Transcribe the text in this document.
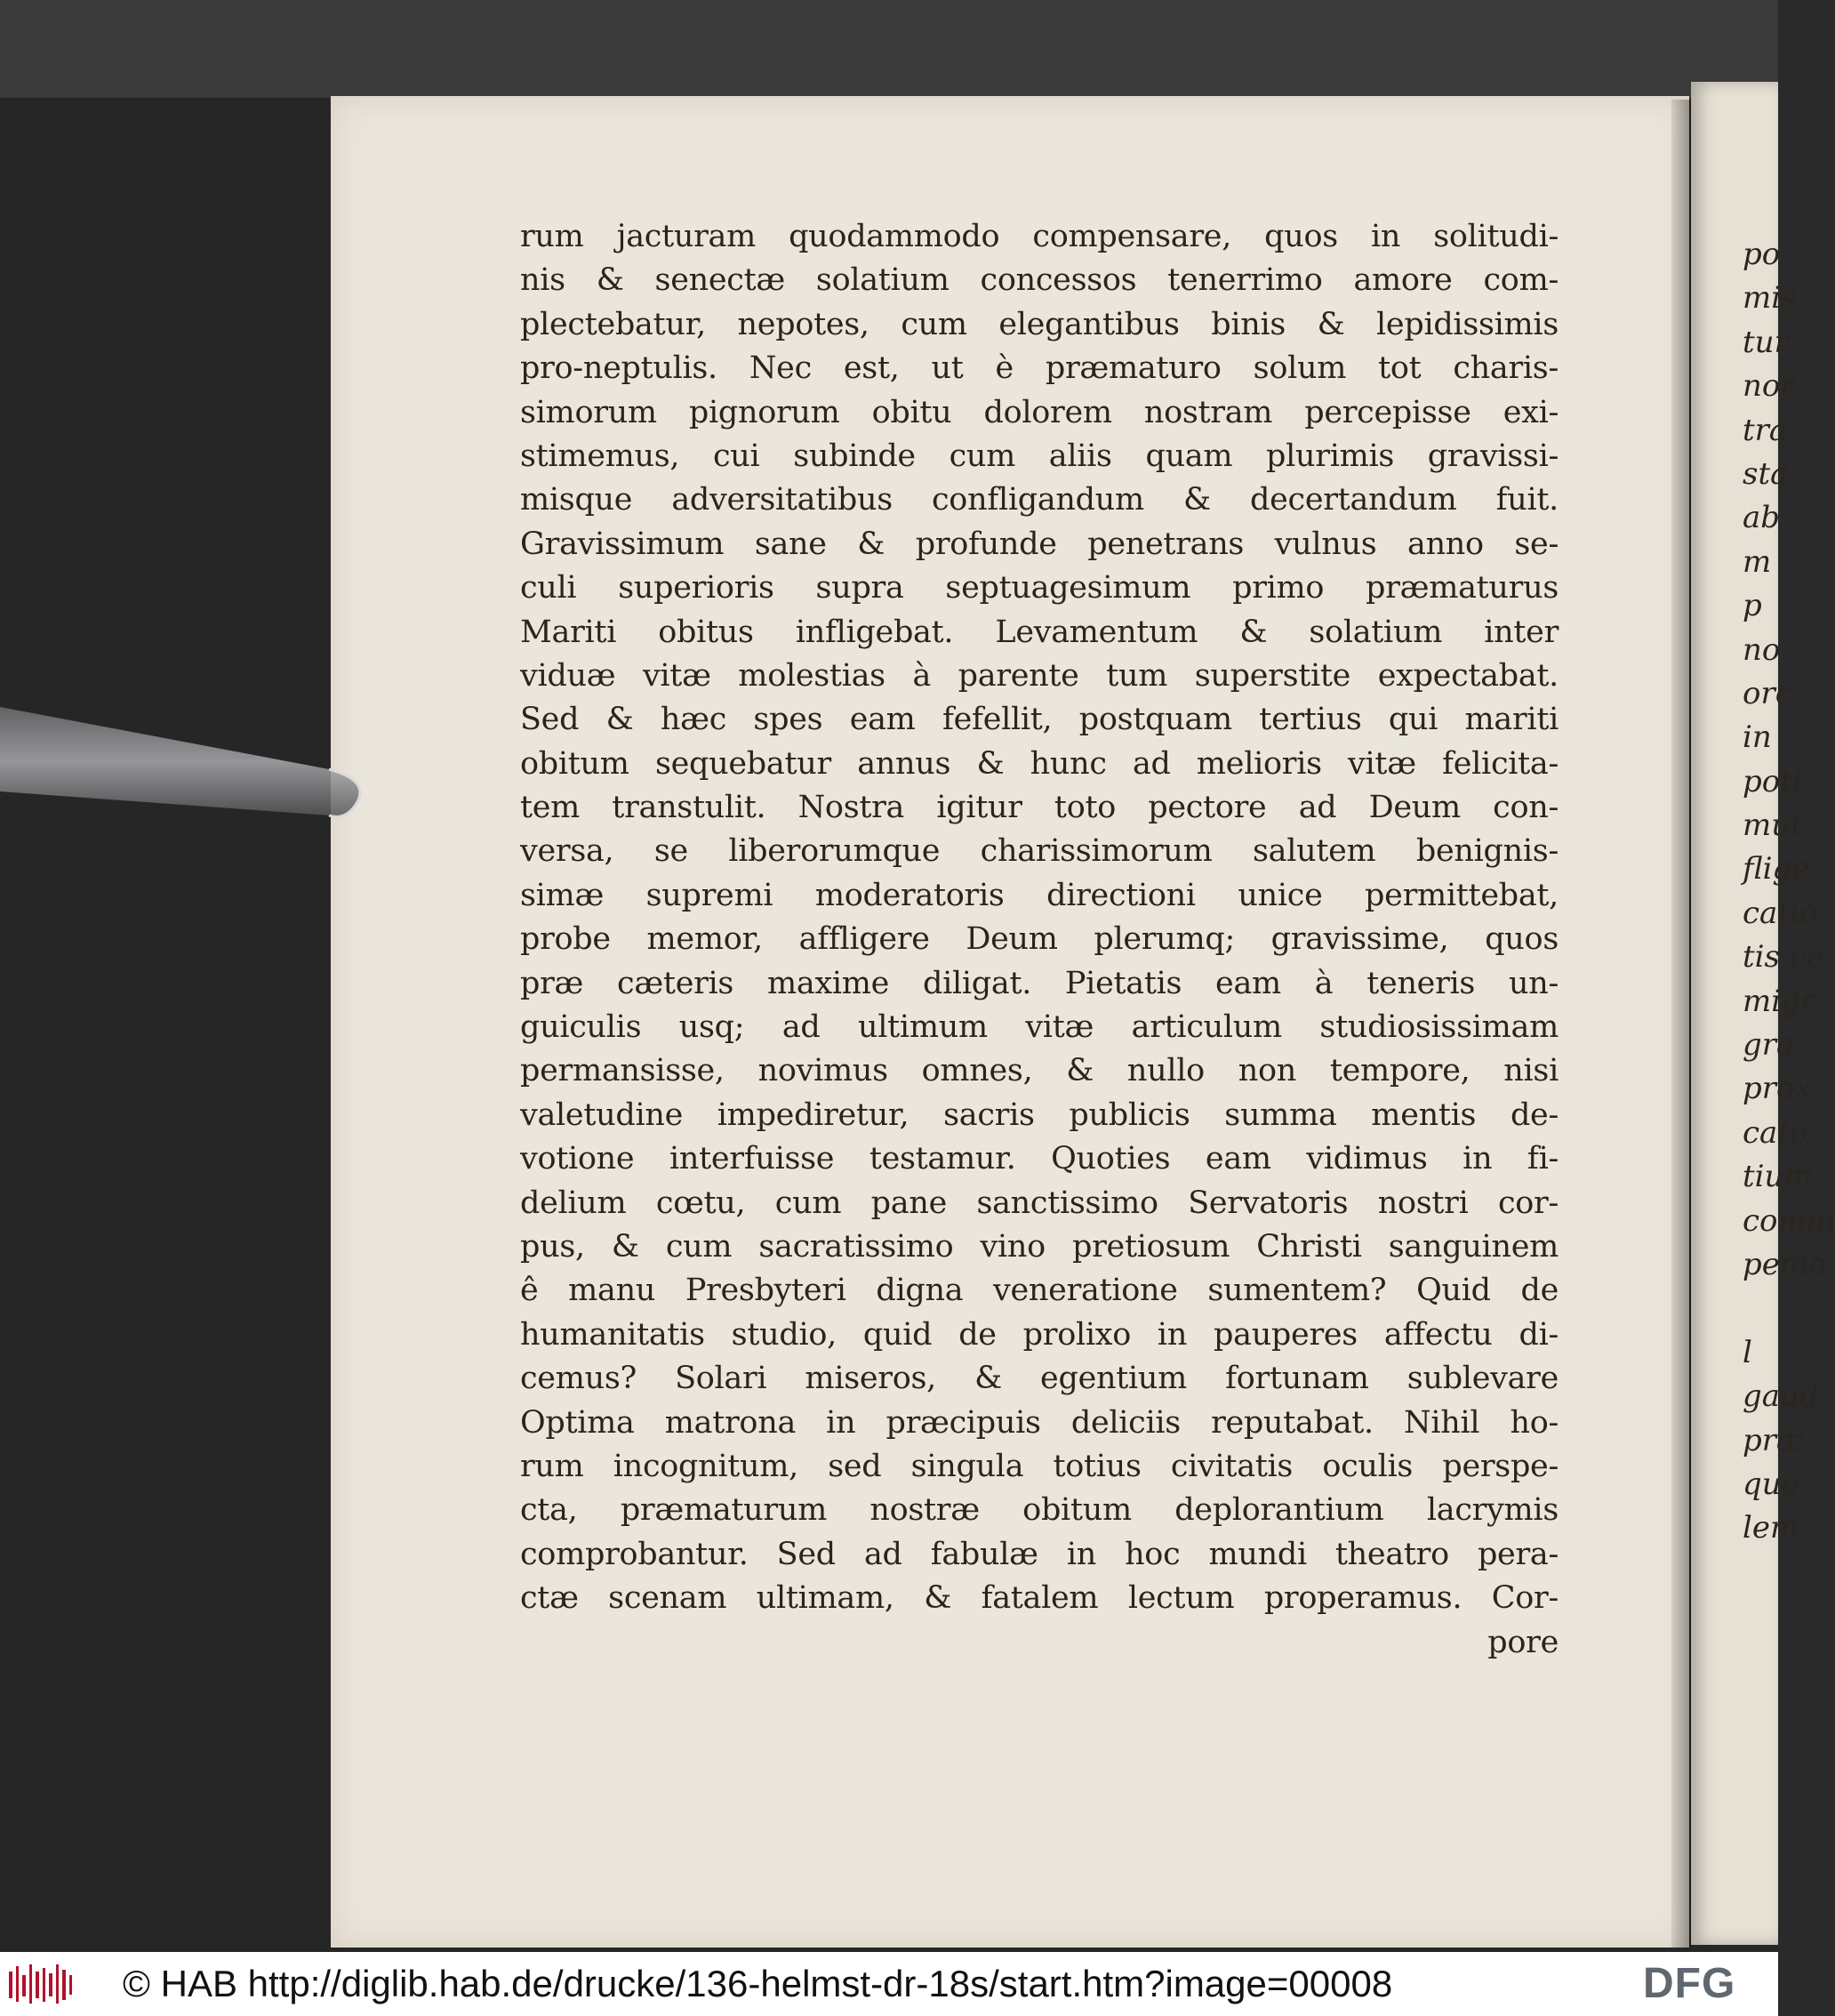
rum jacturam quodammodo compensare, quos in solitudi-
nis & senectæ solatium concessos tenerrimo amore com-
plectebatur, nepotes, cum elegantibus binis & lepidissimis
pro-neptulis. Nec est, ut è præmaturo solum tot charis-
simorum pignorum obitu dolorem nostram percepisse exi-
stimemus, cui subinde cum aliis quam plurimis gravissi-
misque adversitatibus confligandum & decertandum fuit.
Gravissimum sane & profunde penetrans vulnus anno se-
culi superioris supra septuagesimum primo præmaturus
Mariti obitus infligebat. Levamentum & solatium inter
viduæ vitæ molestias à parente tum superstite expectabat.
Sed & hæc spes eam fefellit, postquam tertius qui mariti
obitum sequebatur annus & hunc ad melioris vitæ felicita-
tem transtulit. Nostra igitur toto pectore ad Deum con-
versa, se liberorumque charissimorum salutem benignis-
simæ supremi moderatoris directioni unice permittebat,
probe memor, affligere Deum plerumq; gravissime, quos
præ cæteris maxime diligat. Pietatis eam à teneris un-
guiculis usq; ad ultimum vitæ articulum studiosissimam
permansisse, novimus omnes, & nullo non tempore, nisi
valetudine impediretur, sacris publicis summa mentis de-
votione interfuisse testamur. Quoties eam vidimus in fi-
delium cœtu, cum pane sanctissimo Servatoris nostri cor-
pus, & cum sacratissimo vino pretiosum Christi sanguinem
ê manu Presbyteri digna veneratione sumentem? Quid de
humanitatis studio, quid de prolixo in pauperes affectu di-
cemus? Solari miseros, & egentium fortunam sublevare
Optima matrona in præcipuis deliciis reputabat. Nihil ho-
rum incognitum, sed singula totius civitatis oculis perspe-
cta, præmaturum nostræ obitum deplorantium lacrymis
comprobantur. Sed ad fabulæ in hoc mundi theatro pera-
ctæ scenam ultimam, & fatalem lectum properamus. Cor-
pore
po
mis
tur
nor
tra
sta
ab
m
p
no
orc
in
poti
mut
flige
catio
tis ce
migr
gra
prox
cato
tium
comm
pemo
l
gaud
præ
quo
lem
© HAB http://diglib.hab.de/drucke/136-helmst-dr-18s/start.htm?image=00008	DFG
